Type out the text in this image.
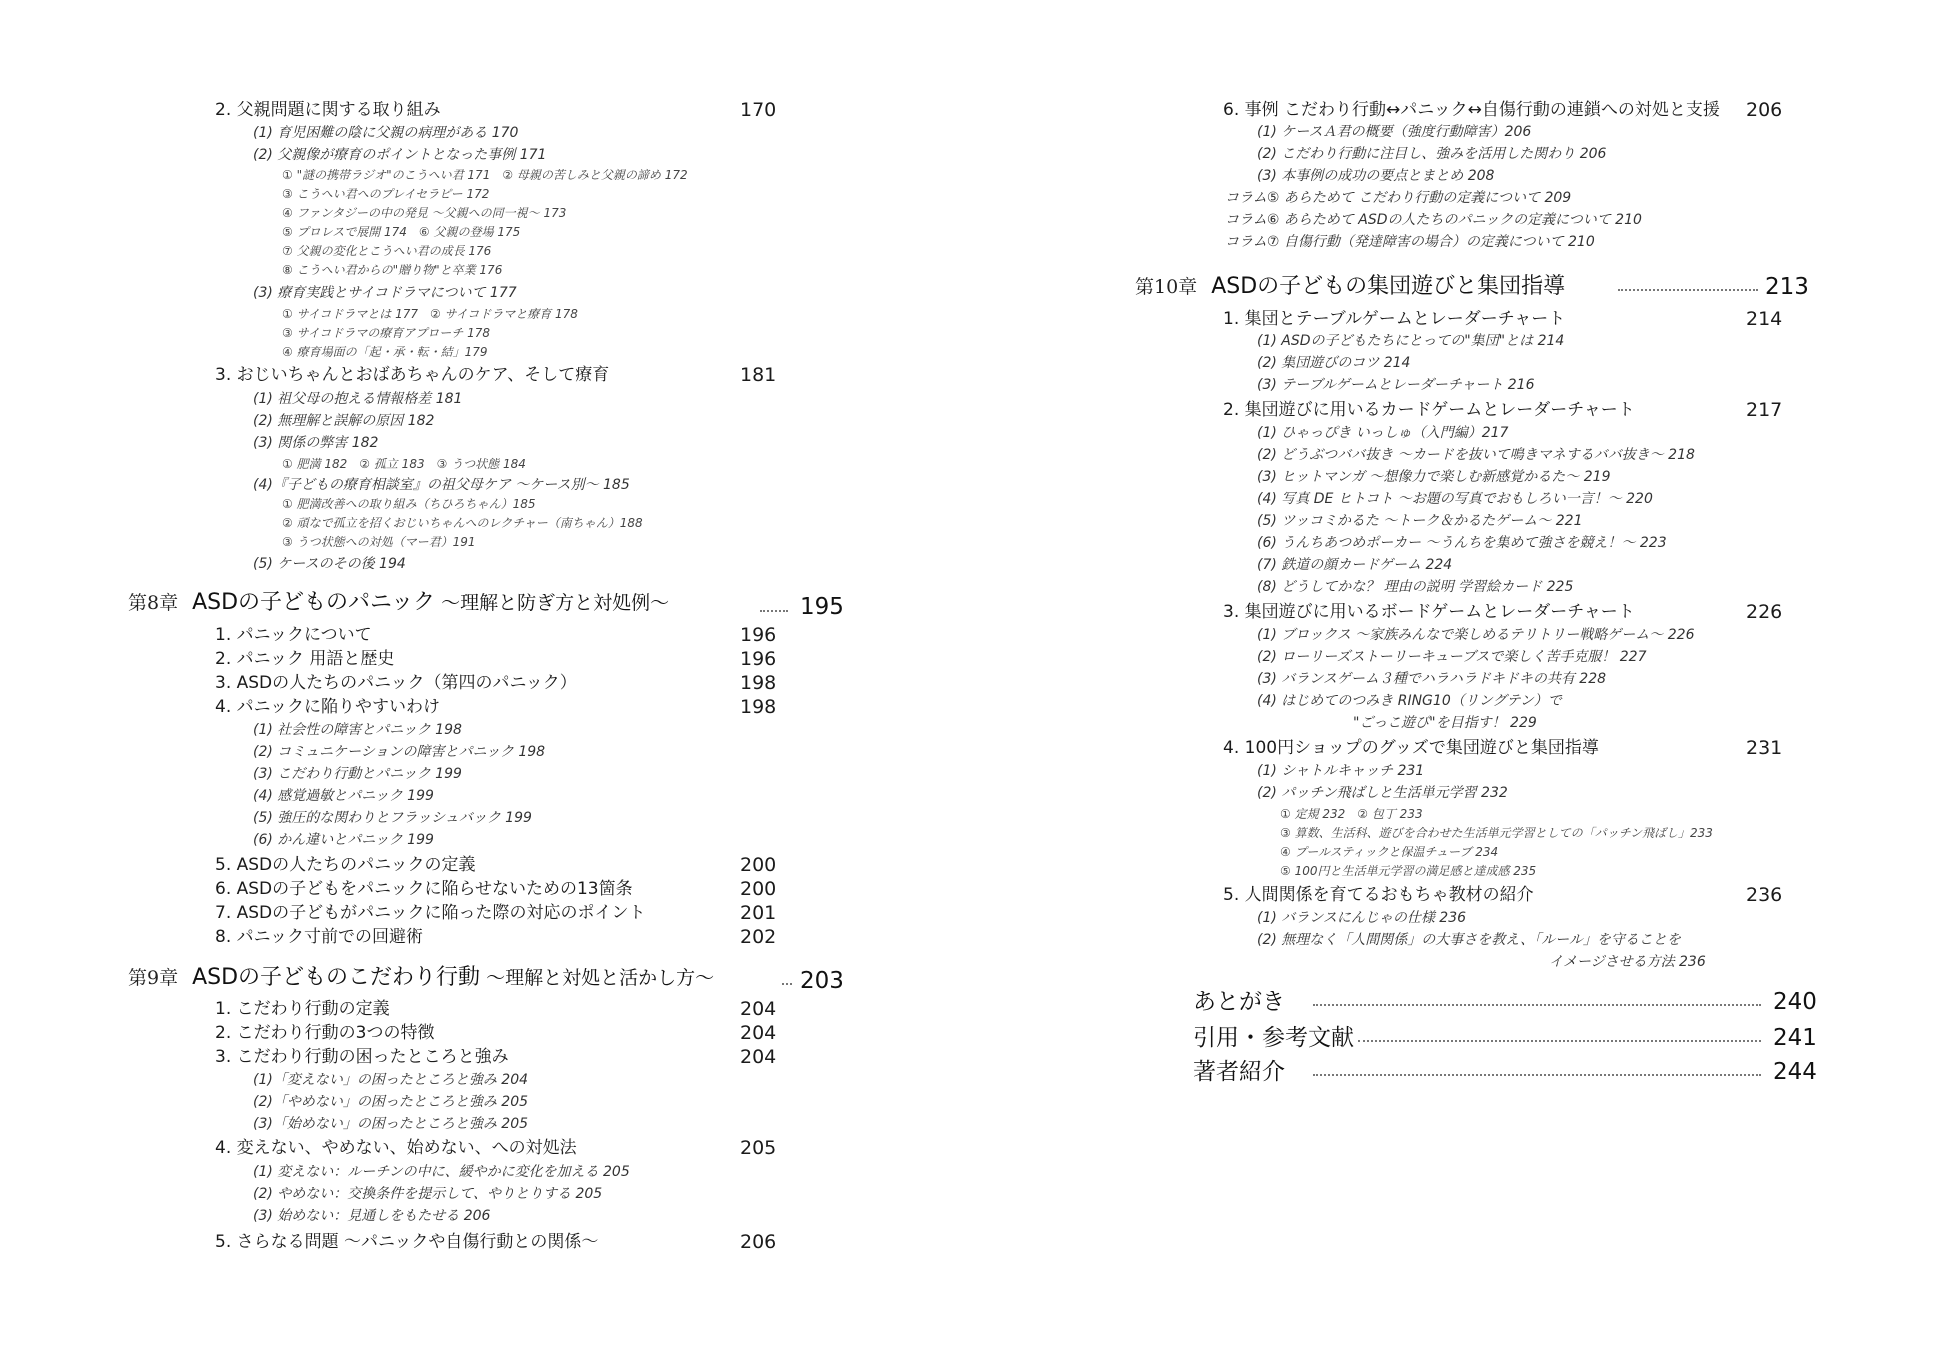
2. 父親問題に関する取り組み	170
(1) 育児困難の陰に父親の病理がある 170
(2) 父親像が療育のポイントとなった事例 171
① "謎の携帯ラジオ"のこうへい君 171　② 母親の苦しみと父親の諦め 172
③ こうへい君へのプレイセラピー 172
④ ファンタジーの中の発見 ～父親への同一視～ 173
⑤ プロレスで展開 174　⑥ 父親の登場 175
⑦ 父親の変化とこうへい君の成長 176
⑧ こうへい君からの"贈り物"と卒業 176
(3) 療育実践とサイコドラマについて 177
① サイコドラマとは 177　② サイコドラマと療育 178
③ サイコドラマの療育アプローチ 178
④ 療育場面の「起・承・転・結」179
3. おじいちゃんとおばあちゃんのケア、そして療育	181
(1) 祖父母の抱える情報格差 181
(2) 無理解と誤解の原因 182
(3) 関係の弊害 182
① 肥満 182　② 孤立 183　③ うつ状態 184
(4)『子どもの療育相談室』の祖父母ケア ～ケース別～ 185
① 肥満改善への取り組み（ちひろちゃん）185
② 頑なで孤立を招くおじいちゃんへのレクチャー（南ちゃん）188
③ うつ状態への対処（マー君）191
(5) ケースのその後 194
第8章 ASDの子どものパニック ～理解と防ぎ方と対処例～	195
1. パニックについて	196
2. パニック 用語と歴史	196
3. ASDの人たちのパニック（第四のパニック）	198
4. パニックに陥りやすいわけ	198
(1) 社会性の障害とパニック 198
(2) コミュニケーションの障害とパニック 198
(3) こだわり行動とパニック 199
(4) 感覚過敏とパニック 199
(5) 強圧的な関わりとフラッシュバック 199
(6) かん違いとパニック 199
5. ASDの人たちのパニックの定義	200
6. ASDの子どもをパニックに陥らせないための13箇条	200
7. ASDの子どもがパニックに陥った際の対応のポイント	201
8. パニック寸前での回避術	202
第9章 ASDの子どものこだわり行動 ～理解と対処と活かし方～	203
1. こだわり行動の定義	204
2. こだわり行動の3つの特徴	204
3. こだわり行動の困ったところと強み	204
(1)「変えない」の困ったところと強み 204
(2)「やめない」の困ったところと強み 205
(3)「始めない」の困ったところと強み 205
4. 変えない、やめない、始めない、への対処法	205
(1) 変えない：ルーチンの中に、緩やかに変化を加える 205
(2) やめない：交換条件を提示して、やりとりする 205
(3) 始めない：見通しをもたせる 206
5. さらなる問題 ～パニックや自傷行動との関係～	206
6. 事例 こだわり行動↔パニック↔自傷行動の連鎖への対処と支援 206
(1) ケースＡ君の概要（強度行動障害）206
(2) こだわり行動に注目し、強みを活用した関わり 206
(3) 本事例の成功の要点とまとめ 208
コラム⑤ あらためて こだわり行動の定義について 209
コラム⑥ あらためて ASDの人たちのパニックの定義について 210
コラム⑦ 自傷行動（発達障害の場合）の定義について 210
第10章 ASDの子どもの集団遊びと集団指導	213
1. 集団とテーブルゲームとレーダーチャート	214
(1) ASDの子どもたちにとっての"集団"とは 214
(2) 集団遊びのコツ 214
(3) テーブルゲームとレーダーチャート 216
2. 集団遊びに用いるカードゲームとレーダーチャート	217
(1) ひゃっぴき いっしゅ（入門編）217
(2) どうぶつババ抜き ～カードを抜いて鳴きマネするババ抜き～ 218
(3) ヒットマンガ ～想像力で楽しむ新感覚かるた～ 219
(4) 写真 DE ヒトコト ～お題の写真でおもしろい一言！～ 220
(5) ツッコミかるた ～トーク＆かるたゲーム～ 221
(6) うんちあつめポーカー ～うんちを集めて強さを競え！～ 223
(7) 鉄道の顔カードゲーム 224
(8) どうしてかな？ 理由の説明 学習絵カード 225
3. 集団遊びに用いるボードゲームとレーダーチャート	226
(1) ブロックス ～家族みんなで楽しめるテリトリー戦略ゲーム～ 226
(2) ローリーズストーリーキューブスで楽しく苦手克服！ 227
(3) バランスゲーム３種でハラハラドキドキの共有 228
(4) はじめてのつみき RING10（リングテン）で
"ごっこ遊び"を目指す！ 229
4. 100円ショップのグッズで集団遊びと集団指導	231
(1) シャトルキャッチ 231
(2) パッチン飛ばしと生活単元学習 232
① 定規 232　② 包丁 233
③ 算数、生活科、遊びを合わせた生活単元学習としての「パッチン飛ばし」233
④ プールスティックと保温チューブ 234
⑤ 100円と生活単元学習の満足感と達成感 235
5. 人間関係を育てるおもちゃ教材の紹介	236
(1) バランスにんじゃの仕様 236
(2) 無理なく「人間関係」の大事さを教え、「ルール」を守ることを
イメージさせる方法 236
あとがき	240
引用・参考文献	241
著者紹介	244
